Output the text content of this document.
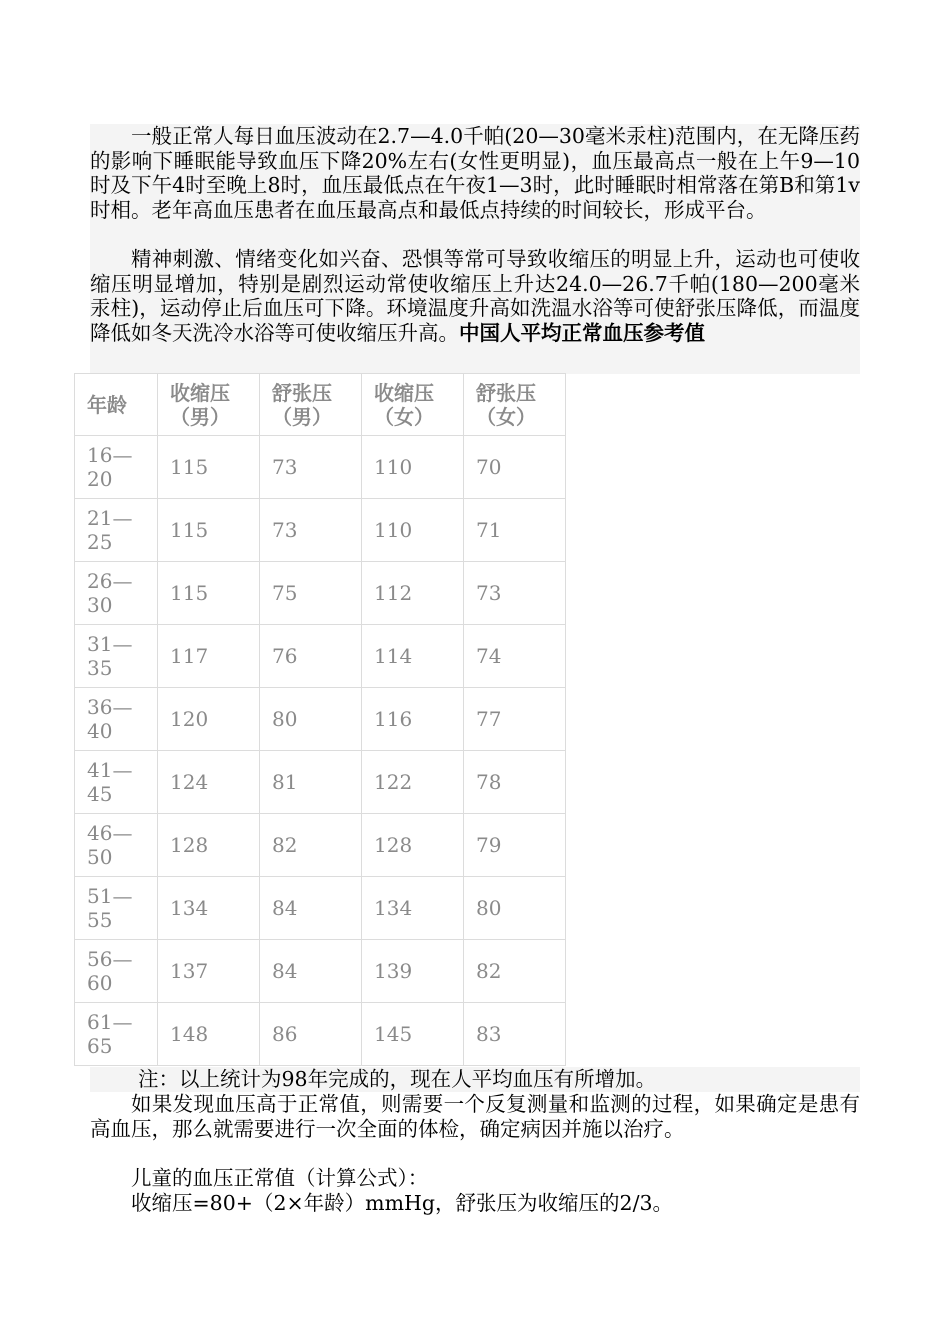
一般正常人每日血压波动在2.7—4.0千帕(20—30毫米汞柱)范围内，在无降压药的影响下睡眠能导致血压下降20%左右(女性更明显)，血压最高点一般在上午9—10时及下午4时至晚上8时，血压最低点在午夜1—3时，此时睡眠时相常落在第B和第1v时相。老年高血压患者在血压最高点和最低点持续的时间较长，形成平台。

精神刺激、情绪变化如兴奋、恐惧等常可导致收缩压的明显上升，运动也可使收缩压明显增加，特别是剧烈运动常使收缩压上升达24.0—26.7千帕(180—200毫米汞柱)，运动停止后血压可下降。环境温度升高如洗温水浴等可使舒张压降低，而温度降低如冬天洗冷水浴等可使收缩压升高。中国人平均正常血压参考值

年龄	收缩压（男）	舒张压（男）	收缩压（女）	舒张压（女）
16—20	115	73	110	70
21—25	115	73	110	71
26—30	115	75	112	73
31—35	117	76	114	74
36—40	120	80	116	77
41—45	124	81	122	78
46—50	128	82	128	79
51—55	134	84	134	80
56—60	137	84	139	82
61—65	148	86	145	83
注：以上统计为98年完成的，现在人平均血压有所增加。

如果发现血压高于正常值，则需要一个反复测量和监测的过程，如果确定是患有高血压，那么就需要进行一次全面的体检，确定病因并施以治疗。

儿童的血压正常值（计算公式）：
收缩压=80+（2×年龄）mmHg，舒张压为收缩压的2/3。
